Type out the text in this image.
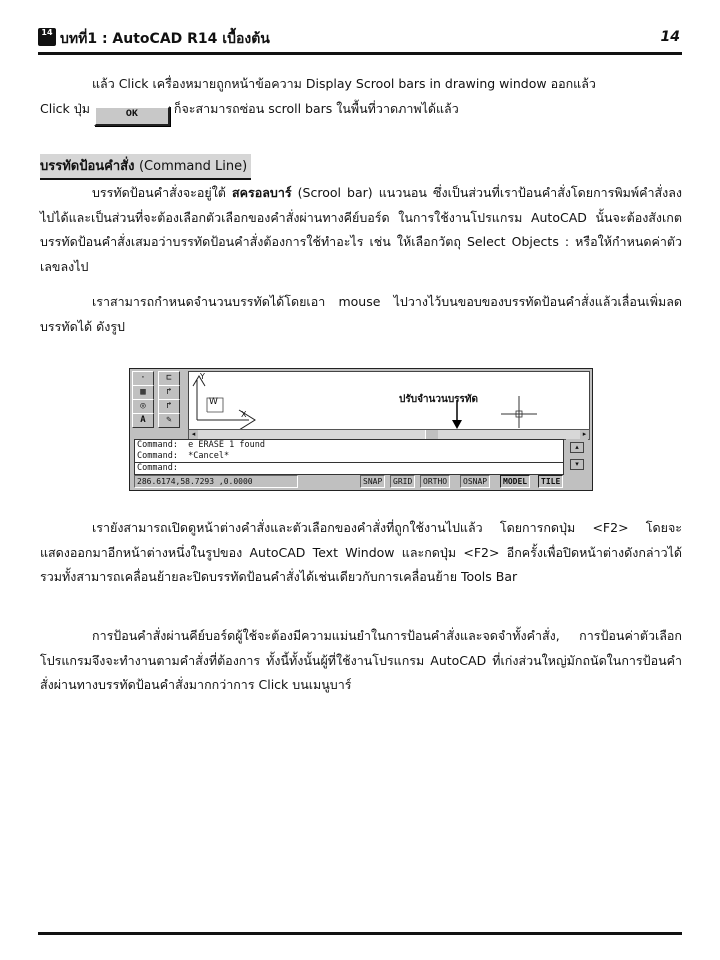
14 บทที่1 : AutoCAD R14 เบื้องต้น	14
แล้ว Click เครื่องหมายถูกหน้าข้อความ Display Scrool bars in drawing window ออกแล้ว
Click ปุ่ม	OK	ก็จะสามารถซ่อน scroll bars ในพื้นที่วาดภาพได้แล้ว
บรรทัดป้อนคำสั่ง (Command Line)
บรรทัดป้อนคำสั่งจะอยู่ใต้ สครอลบาร์ (Scrool bar) แนวนอน ซึ่งเป็นส่วนที่เราป้อนคำสั่งโดยการพิมพ์คำสั่งลงไปได้และเป็นส่วนที่จะต้องเลือกตัวเลือกของคำสั่งผ่านทางคีย์บอร์ด ในการใช้งานโปรแกรม AutoCAD นั้นจะต้องสังเกตบรรทัดป้อนคำสั่งเสมอว่าบรรทัดป้อนคำสั่งต้องการใช้ทำอะไร เช่น ให้เลือกวัตถุ Select Objects : หรือให้กำหนดค่าตัวเลขลงไป
เราสามารถกำหนดจำนวนบรรทัดได้โดยเอา mouse ไปวางไว้บนขอบของบรรทัดป้อนคำสั่งแล้วเลื่อนเพิ่มลดบรรทัดได้ ดังรูป
·	⊏
▦	↱
◎	↱
A	✎
W
Y
X
ปรับจำนวนบรรทัด
◂	▸
Command:  e ERASE 1 found
Command:  *Cancel*
Command:
▴
▾
286.6174,58.7293 ,0.0000	SNAP	GRID	ORTHO	OSNAP	MODEL	TILE
เรายังสามารถเปิดดูหน้าต่างคำสั่งและตัวเลือกของคำสั่งที่ถูกใช้งานไปแล้ว โดยการกดปุ่ม <F2> โดยจะแสดงออกมาอีกหน้าต่างหนึ่งในรูปของ AutoCAD Text Window และกดปุ่ม <F2> อีกครั้งเพื่อปิดหน้าต่างดังกล่าวได้ รวมทั้งสามารถเคลื่อนย้ายละปิดบรรทัดป้อนคำสั่งได้เช่นเดียวกับการเคลื่อนย้าย Tools Bar
การป้อนคำสั่งผ่านคีย์บอร์ดผู้ใช้จะต้องมีความแม่นยำในการป้อนคำสั่งและจดจำทั้งคำสั่ง, การป้อนค่าตัวเลือก โปรแกรมจึงจะทำงานตามคำสั่งที่ต้องการ ทั้งนี้ทั้งนั้นผู้ที่ใช้งานโปรแกรม AutoCAD ที่เก่งส่วนใหญ่มักถนัดในการป้อนคำสั่งผ่านทางบรรทัดป้อนคำสั่งมากกว่าการ Click บนเมนูบาร์
